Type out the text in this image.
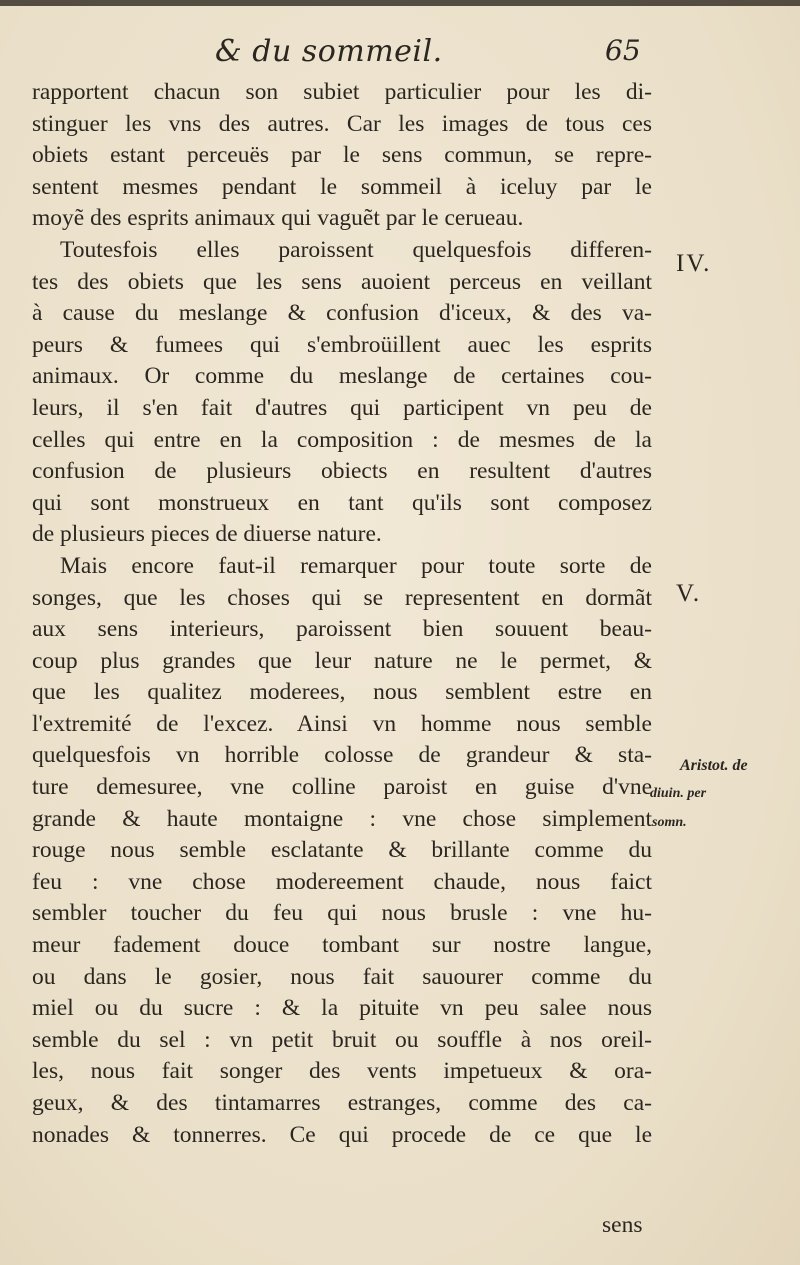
& du sommeil.	65
rapportent chacun son subiet particulier pour les di-
stinguer les vns des autres. Car les images de tous ces
obiets estant perceuës par le sens commun, se repre-
sentent mesmes pendant le sommeil à iceluy par le
moyẽ des esprits animaux qui vaguẽt par le cerueau.
Toutesfois elles paroissent quelquesfois differen-
tes des obiets que les sens auoient perceus en veillant
à cause du meslange & confusion d'iceux, & des va-
peurs & fumees qui s'embroüillent auec les esprits
animaux. Or comme du meslange de certaines cou-
leurs, il s'en fait d'autres qui participent vn peu de
celles qui entre en la composition : de mesmes de la
confusion de plusieurs obiects en resultent d'autres
qui sont monstrueux en tant qu'ils sont composez
de plusieurs pieces de diuerse nature.
Mais encore faut-il remarquer pour toute sorte de
songes, que les choses qui se representent en dormãt
aux sens interieurs, paroissent bien souuent beau-
coup plus grandes que leur nature ne le permet, &
que les qualitez moderees, nous semblent estre en
l'extremité de l'excez. Ainsi vn homme nous semble
quelquesfois vn horrible colosse de grandeur & sta-
ture demesuree, vne colline paroist en guise d'vne
grande & haute montaigne : vne chose simplement
rouge nous semble esclatante & brillante comme du
feu : vne chose modereement chaude, nous faict
sembler toucher du feu qui nous brusle : vne hu-
meur fadement douce tombant sur nostre langue,
ou dans le gosier, nous fait sauourer comme du
miel ou du sucre : & la pituite vn peu salee nous
semble du sel : vn petit bruit ou souffle à nos oreil-
les, nous fait songer des vents impetueux & ora-
geux, & des tintamarres estranges, comme des ca-
nonades & tonnerres. Ce qui procede de ce que le
IV.
V.
Aristot. de
diuin. per
somn.
sens
